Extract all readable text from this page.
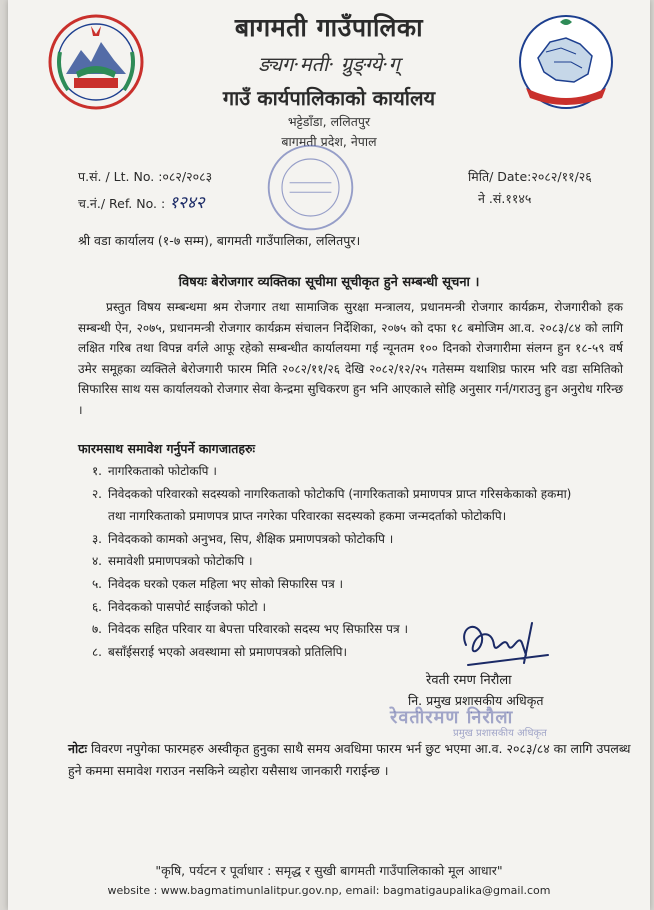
बागमती गाउँपालिका
ङ्यग·मती· ग्रुङ्ग्ये·ग्
गाउँ कार्यपालिकाको कार्यालय
भट्टेडाँडा, ललितपुर
बागमती प्रदेश, नेपाल
प.सं. / Lt. No. :०८२/२०८३
च.नं./ Ref. No. : १२४२
मिति/ Date:२०८२/११/२६
ने .सं.११४५
श्री वडा कार्यालय (१-७ सम्म), बागमती गाउँपालिका, ललितपुर।
विषयः बेरोजगार व्यक्तिका सूचीमा सूचीकृत हुने सम्बन्धी सूचना ।

प्रस्तुत विषय सम्बन्धमा श्रम रोजगार तथा सामाजिक सुरक्षा मन्त्रालय, प्रधानमन्त्री रोजगार कार्यक्रम, रोजगारीको हक सम्बन्धी ऐन, २०७५, प्रधानमन्त्री रोजगार कार्यक्रम संचालन निर्देशिका, २०७५ को दफा १८ बमोजिम आ.व. २०८३/८४ को लागि लक्षित गरिब तथा विपन्न वर्गले आफू रहेको सम्बन्धीत कार्यालयमा गई न्यूनतम १०० दिनको रोजगारीमा संलग्न हुन १८-५९ वर्ष उमेर समूहका व्यक्तिले बेरोजगारी फारम मिति २०८२/११/२६ देखि २०८२/१२/२५ गतेसम्म यथाशिघ्र फारम भरि वडा समितिको सिफारिस साथ यस कार्यालयको रोजगार सेवा केन्द्रमा सुचिकरण हुन भनि आएकाले सोहि अनुसार गर्न/गराउनु हुन अनुरोध गरिन्छ ।

फारमसाथ समावेश गर्नुपर्ने कागजातहरुः
१. नागरिकताको फोटोकपि ।
२. निवेदकको परिवारको सदस्यको नागरिकताको फोटोकपि (नागरिकताको प्रमाणपत्र प्राप्त गरिसकेकाको हकमा)
तथा नागरिकताको प्रमाणपत्र प्राप्त नगरेका परिवारका सदस्यको हकमा जन्मदर्ताको फोटोकपि।
३. निवेदकको कामको अनुभव, सिप, शैक्षिक प्रमाणपत्रको फोटोकपि ।
४. समावेशी प्रमाणपत्रको फोटोकपि ।
५. निवेदक घरको एकल महिला भए सोको सिफारिस पत्र ।
६. निवेदकको पासपोर्ट साईजको फोटो ।
७. निवेदक सहित परिवार या बेपत्ता परिवारको सदस्य भए सिफारिस पत्र ।
८. बसाँईसराई भएको अवस्थामा सो प्रमाणपत्रको प्रतिलिपि।
रेवती रमण निरौला
नि. प्रमुख प्रशासकीय अधिकृत
रेवतीरमण निरौला
प्रमुख प्रशासकीय अधिकृत

नोटः विवरण नपुगेका फारमहरु अस्वीकृत हुनुका साथै समय अवधिमा फारम भर्न छुट भएमा आ.व. २०८३/८४ का लागि उपलब्ध हुने कममा समावेश गराउन नसकिने व्यहोरा यसैसाथ जानकारी गराईन्छ ।

"कृषि, पर्यटन र पूर्वाधार : समृद्ध र सुखी बागमती गाउँपालिकाको मूल आधार"
website : www.bagmatimunlalitpur.gov.np, email: bagmatigaupalika@gmail.com
